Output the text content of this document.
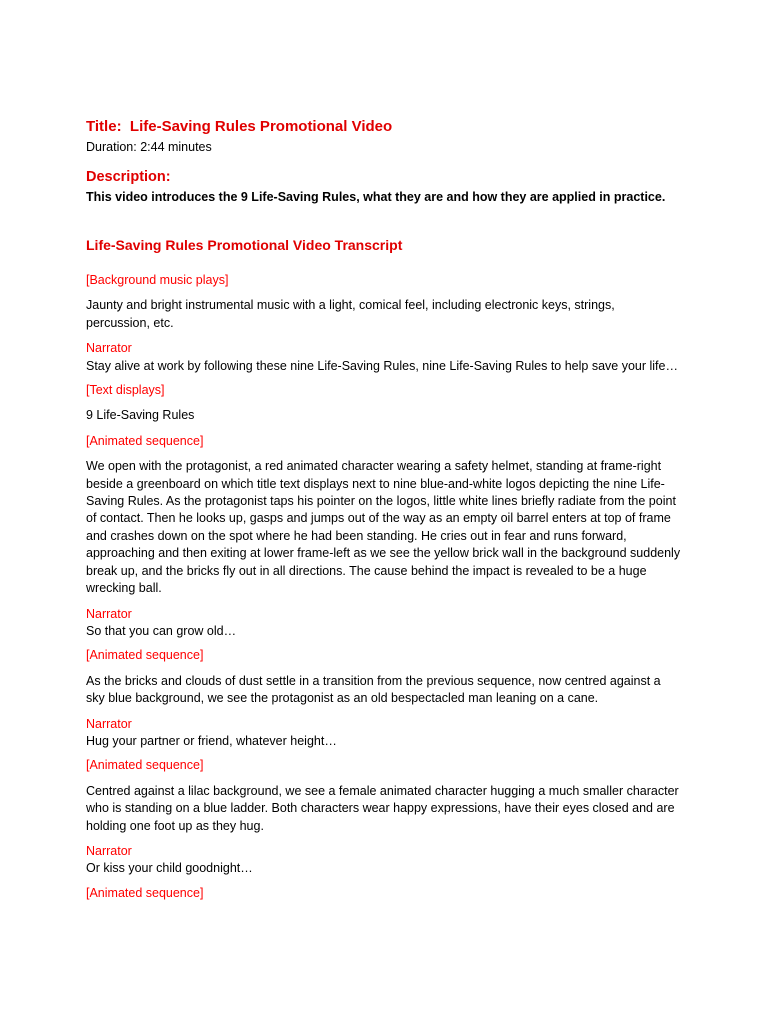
Title: Life-Saving Rules Promotional Video
Duration: 2:44 minutes
Description:
This video introduces the 9 Life-Saving Rules, what they are and how they are applied in practice.
Life-Saving Rules Promotional Video Transcript
[Background music plays]
Jaunty and bright instrumental music with a light, comical feel, including electronic keys, strings, percussion, etc.
Narrator
Stay alive at work by following these nine Life-Saving Rules, nine Life-Saving Rules to help save your life…
[Text displays]
9 Life-Saving Rules
[Animated sequence]
We open with the protagonist, a red animated character wearing a safety helmet, standing at frame-right beside a greenboard on which title text displays next to nine blue-and-white logos depicting the nine Life-Saving Rules. As the protagonist taps his pointer on the logos, little white lines briefly radiate from the point of contact. Then he looks up, gasps and jumps out of the way as an empty oil barrel enters at top of frame and crashes down on the spot where he had been standing. He cries out in fear and runs forward, approaching and then exiting at lower frame-left as we see the yellow brick wall in the background suddenly break up, and the bricks fly out in all directions. The cause behind the impact is revealed to be a huge wrecking ball.
Narrator
So that you can grow old…
[Animated sequence]
As the bricks and clouds of dust settle in a transition from the previous sequence, now centred against a sky blue background, we see the protagonist as an old bespectacled man leaning on a cane.
Narrator
Hug your partner or friend, whatever height…
[Animated sequence]
Centred against a lilac background, we see a female animated character hugging a much smaller character who is standing on a blue ladder. Both characters wear happy expressions, have their eyes closed and are holding one foot up as they hug.
Narrator
Or kiss your child goodnight…
[Animated sequence]
